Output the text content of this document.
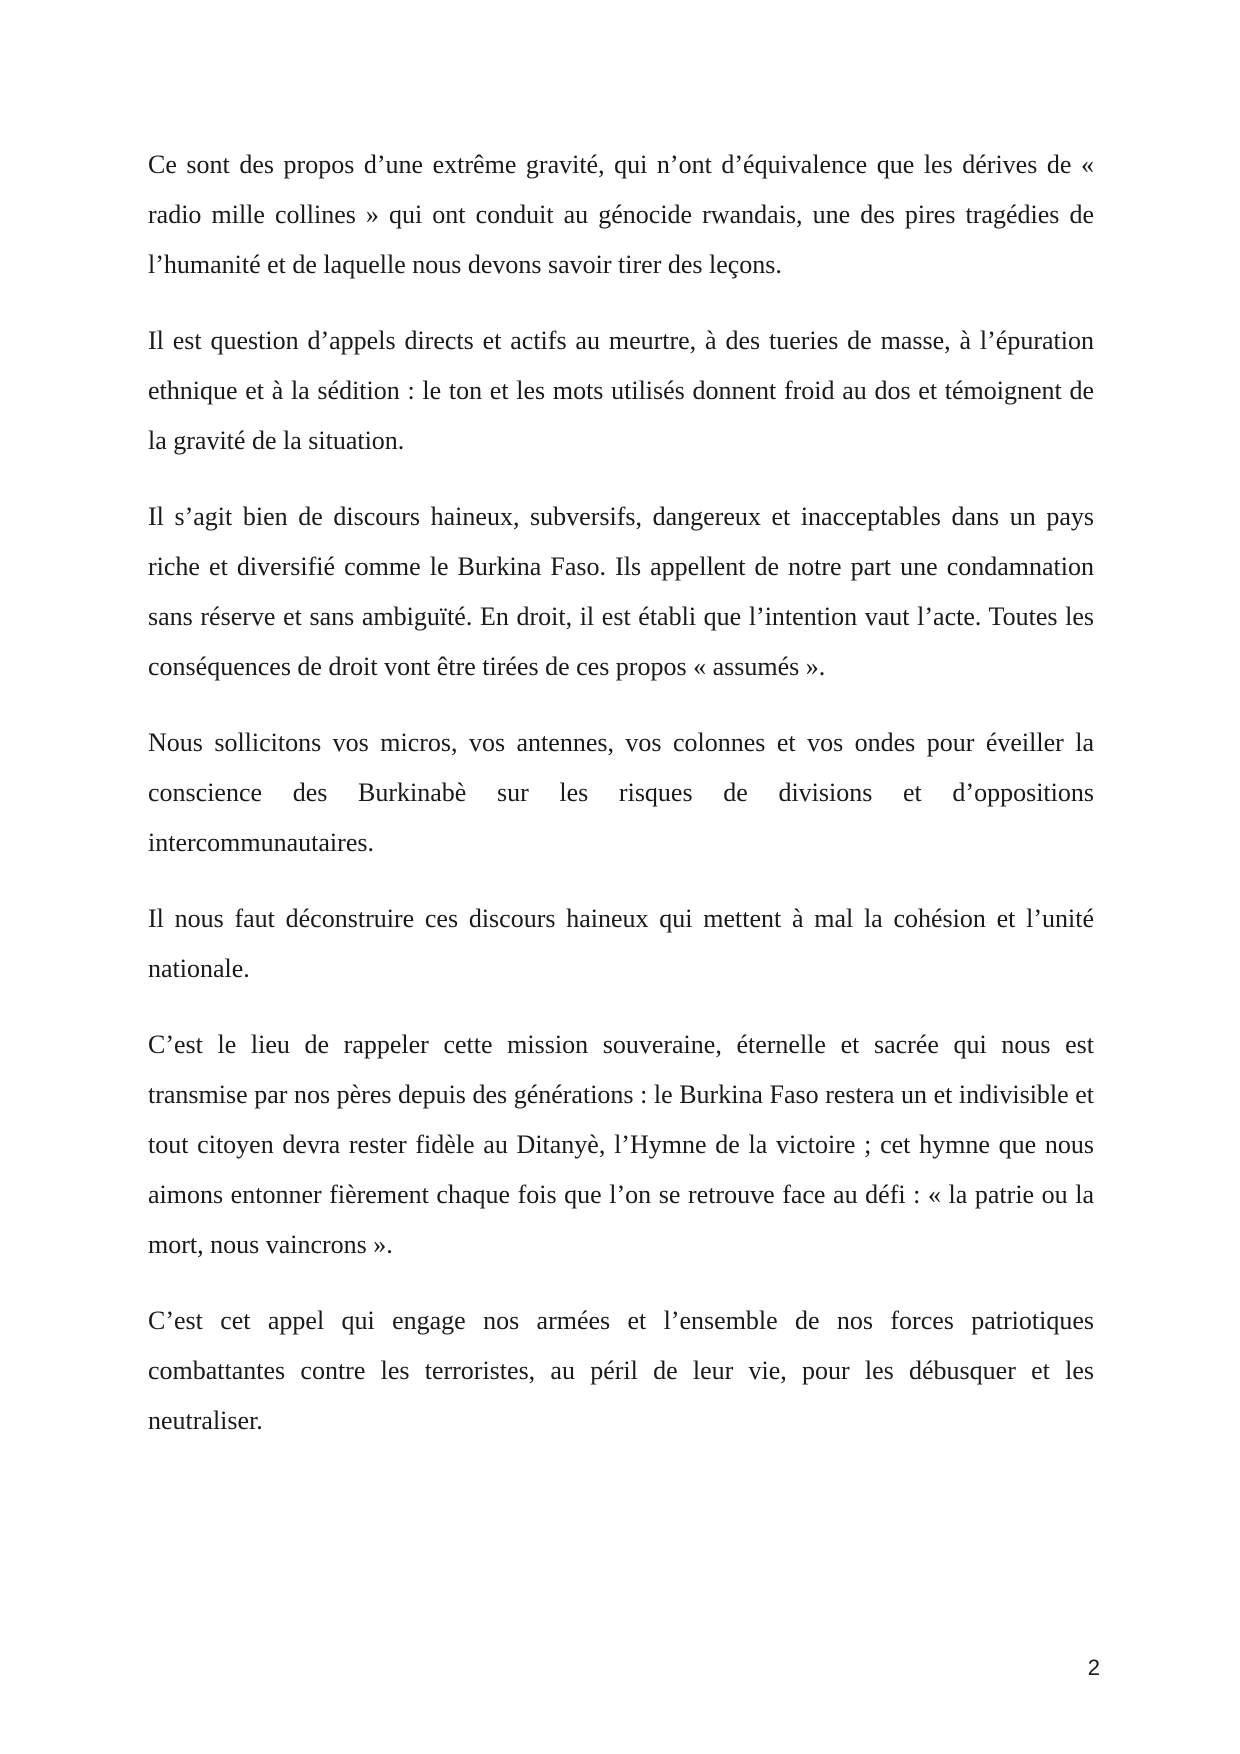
Ce sont des propos d’une extrême gravité, qui n’ont d’équivalence que les dérives de « radio mille collines » qui ont conduit au génocide rwandais, une des pires tragédies de l’humanité et de laquelle nous devons savoir tirer des leçons.

Il est question d’appels directs et actifs au meurtre, à des tueries de masse, à l’épuration ethnique et à la sédition : le ton et les mots utilisés donnent froid au dos et témoignent de la gravité de la situation.

Il s’agit bien de discours haineux, subversifs, dangereux et inacceptables dans un pays riche et diversifié comme le Burkina Faso. Ils appellent de notre part une condamnation sans réserve et sans ambiguïté. En droit, il est établi que l’intention vaut l’acte. Toutes les conséquences de droit vont être tirées de ces propos « assumés ».

Nous sollicitons vos micros, vos antennes, vos colonnes et vos ondes pour éveiller la conscience des Burkinabè sur les risques de divisions et d’oppositions intercommunautaires.

Il nous faut déconstruire ces discours haineux qui mettent à mal la cohésion et l’unité nationale.

C’est le lieu de rappeler cette mission souveraine, éternelle et sacrée qui nous est transmise par nos pères depuis des générations : le Burkina Faso restera un et indivisible et tout citoyen devra rester fidèle au Ditanyè, l’Hymne de la victoire ; cet hymne que nous aimons entonner fièrement chaque fois que l’on se retrouve face au défi : « la patrie ou la mort, nous vaincrons ».

C’est cet appel qui engage nos armées et l’ensemble de nos forces patriotiques combattantes contre les terroristes, au péril de leur vie, pour les débusquer et les neutraliser.

2
